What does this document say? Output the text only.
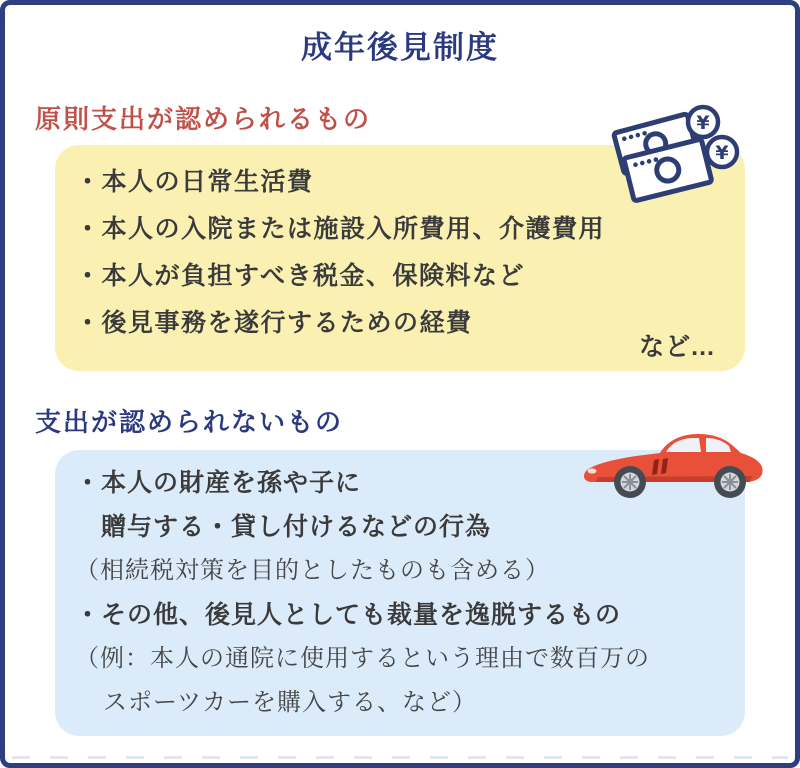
成年後見制度
原則支出が認められるもの	¥
¥
・本人の日常生活費
・本人の入院または施設入所費用、介護費用
・本人が負担すべき税金、保険料など
・後見事務を遂行するための経費
など...
支出が認められないもの
・本人の財産を孫や子に
贈与する・貸し付けるなどの行為
（相続税対策を目的としたものも含める）
・その他、後見人としても裁量を逸脱するもの
（例：本人の通院に使用するという理由で数百万の
スポーツカーを購入する、など）
